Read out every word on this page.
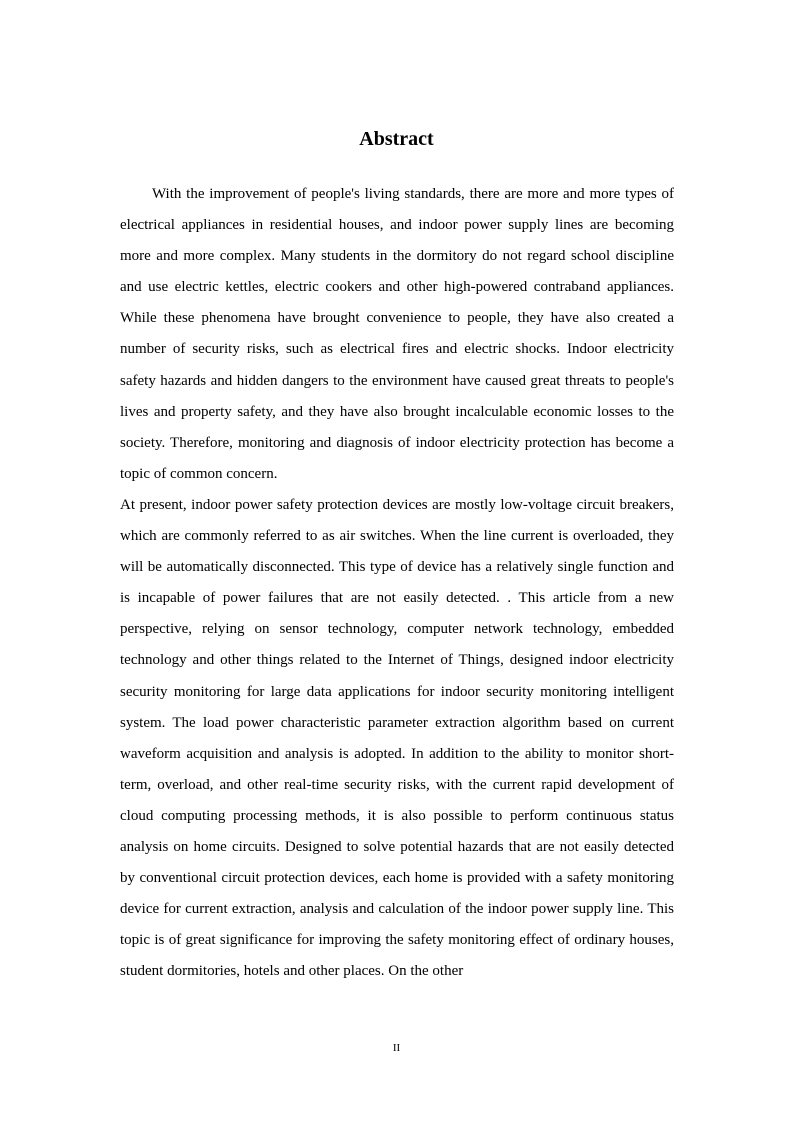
Abstract

With the improvement of people's living standards, there are more and more types of electrical appliances in residential houses, and indoor power supply lines are becoming more and more complex. Many students in the dormitory do not regard school discipline and use electric kettles, electric cookers and other high-powered contraband appliances. While these phenomena have brought convenience to people, they have also created a number of security risks, such as electrical fires and electric shocks. Indoor electricity safety hazards and hidden dangers to the environment have caused great threats to people's lives and property safety, and they have also brought incalculable economic losses to the society. Therefore, monitoring and diagnosis of indoor electricity protection has become a topic of common concern.

At present, indoor power safety protection devices are mostly low-voltage circuit breakers, which are commonly referred to as air switches. When the line current is overloaded, they will be automatically disconnected. This type of device has a relatively single function and is incapable of power failures that are not easily detected. . This article from a new perspective, relying on sensor technology, computer network technology, embedded technology and other things related to the Internet of Things, designed indoor electricity security monitoring for large data applications for indoor security monitoring intelligent system. The load power characteristic parameter extraction algorithm based on current waveform acquisition and analysis is adopted. In addition to the ability to monitor short-term, overload, and other real-time security risks, with the current rapid development of cloud computing processing methods, it is also possible to perform continuous status analysis on home circuits. Designed to solve potential hazards that are not easily detected by conventional circuit protection devices, each home is provided with a safety monitoring device for current extraction, analysis and calculation of the indoor power supply line. This topic is of great significance for improving the safety monitoring effect of ordinary houses, student dormitories, hotels and other places. On the other

II
